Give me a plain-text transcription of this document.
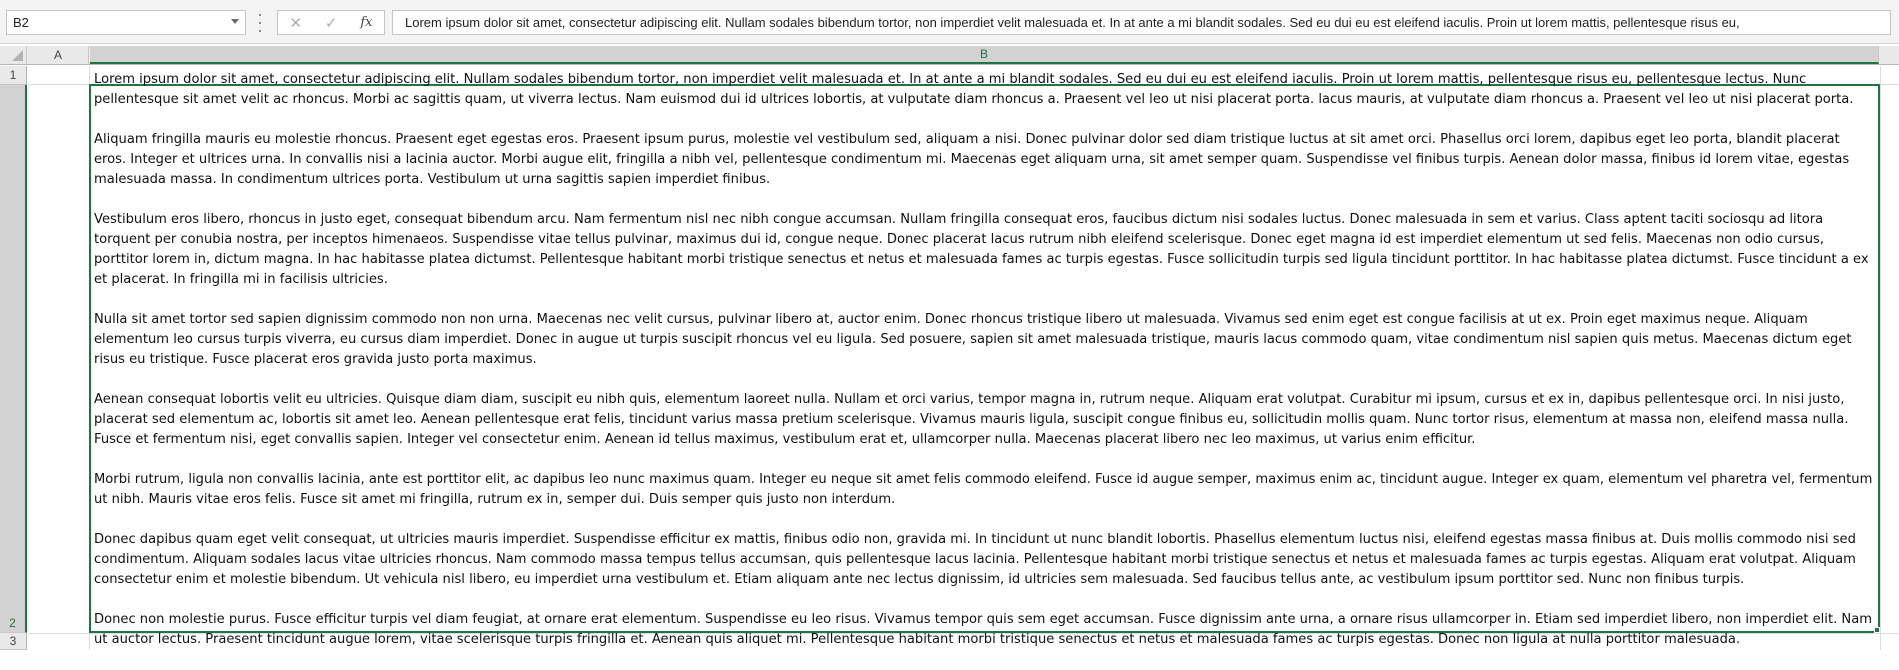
B2	✕ ✓ fx	Lorem ipsum dolor sit amet, consectetur adipiscing elit. Nullam sodales bibendum tortor, non imperdiet velit malesuada et. In at ante a mi blandit sodales. Sed eu dui eu est eleifend iaculis. Proin ut lorem mattis, pellentesque risus eu,
A	B
1
2
3

Lorem ipsum dolor sit amet, consectetur adipiscing elit. Nullam sodales bibendum tortor, non imperdiet velit malesuada et. In at ante a mi blandit sodales. Sed eu dui eu est eleifend iaculis. Proin ut lorem mattis, pellentesque risus eu, pellentesque lectus. Nunc pellentesque sit amet velit ac rhoncus. Morbi ac sagittis quam, ut viverra lectus. Nam euismod dui id ultrices lobortis, at vulputate diam rhoncus a. Praesent vel leo ut nisi placerat porta. lacus mauris, at vulputate diam rhoncus a. Praesent vel leo ut nisi placerat porta.

Aliquam fringilla mauris eu molestie rhoncus. Praesent eget egestas eros. Praesent ipsum purus, molestie vel vestibulum sed, aliquam a nisi. Donec pulvinar dolor sed diam tristique luctus at sit amet orci. Phasellus orci lorem, dapibus eget leo porta, blandit placerat eros. Integer et ultrices urna. In convallis nisi a lacinia auctor. Morbi augue elit, fringilla a nibh vel, pellentesque condimentum mi. Maecenas eget aliquam urna, sit amet semper quam. Suspendisse vel finibus turpis. Aenean dolor massa, finibus id lorem vitae, egestas malesuada massa. In condimentum ultrices porta. Vestibulum ut urna sagittis sapien imperdiet finibus.

Vestibulum eros libero, rhoncus in justo eget, consequat bibendum arcu. Nam fermentum nisl nec nibh congue accumsan. Nullam fringilla consequat eros, faucibus dictum nisi sodales luctus. Donec malesuada in sem et varius. Class aptent taciti sociosqu ad litora torquent per conubia nostra, per inceptos himenaeos. Suspendisse vitae tellus pulvinar, maximus dui id, congue neque. Donec placerat lacus rutrum nibh eleifend scelerisque. Donec eget magna id est imperdiet elementum ut sed felis. Maecenas non odio cursus, porttitor lorem in, dictum magna. In hac habitasse platea dictumst. Pellentesque habitant morbi tristique senectus et netus et malesuada fames ac turpis egestas. Fusce sollicitudin turpis sed ligula tincidunt porttitor. In hac habitasse platea dictumst. Fusce tincidunt a ex et placerat. In fringilla mi in facilisis ultricies.

Nulla sit amet tortor sed sapien dignissim commodo non non urna. Maecenas nec velit cursus, pulvinar libero at, auctor enim. Donec rhoncus tristique libero ut malesuada. Vivamus sed enim eget est congue facilisis at ut ex. Proin eget maximus neque. Aliquam elementum leo cursus turpis viverra, eu cursus diam imperdiet. Donec in augue ut turpis suscipit rhoncus vel eu ligula. Sed posuere, sapien sit amet malesuada tristique, mauris lacus commodo quam, vitae condimentum nisl sapien quis metus. Maecenas dictum eget risus eu tristique. Fusce placerat eros gravida justo porta maximus.

Aenean consequat lobortis velit eu ultricies. Quisque diam diam, suscipit eu nibh quis, elementum laoreet nulla. Nullam et orci varius, tempor magna in, rutrum neque. Aliquam erat volutpat. Curabitur mi ipsum, cursus et ex in, dapibus pellentesque orci. In nisi justo, placerat sed elementum ac, lobortis sit amet leo. Aenean pellentesque erat felis, tincidunt varius massa pretium scelerisque. Vivamus mauris ligula, suscipit congue finibus eu, sollicitudin mollis quam. Nunc tortor risus, elementum at massa non, eleifend massa nulla. Fusce et fermentum nisi, eget convallis sapien. Integer vel consectetur enim. Aenean id tellus maximus, vestibulum erat et, ullamcorper nulla. Maecenas placerat libero nec leo maximus, ut varius enim efficitur.

Morbi rutrum, ligula non convallis lacinia, ante est porttitor elit, ac dapibus leo nunc maximus quam. Integer eu neque sit amet felis commodo eleifend. Fusce id augue semper, maximus enim ac, tincidunt augue. Integer ex quam, elementum vel pharetra vel, fermentum ut nibh. Mauris vitae eros felis. Fusce sit amet mi fringilla, rutrum ex in, semper dui. Duis semper quis justo non interdum.

Donec dapibus quam eget velit consequat, ut ultricies mauris imperdiet. Suspendisse efficitur ex mattis, finibus odio non, gravida mi. In tincidunt ut nunc blandit lobortis. Phasellus elementum luctus nisi, eleifend egestas massa finibus at. Duis mollis commodo nisi sed condimentum. Aliquam sodales lacus vitae ultricies rhoncus. Nam commodo massa tempus tellus accumsan, quis pellentesque lacus lacinia. Pellentesque habitant morbi tristique senectus et netus et malesuada fames ac turpis egestas. Aliquam erat volutpat. Aliquam consectetur enim et molestie bibendum. Ut vehicula nisl libero, eu imperdiet urna vestibulum et. Etiam aliquam ante nec lectus dignissim, id ultricies sem malesuada. Sed faucibus tellus ante, ac vestibulum ipsum porttitor sed. Nunc non finibus turpis.

Donec non molestie purus. Fusce efficitur turpis vel diam feugiat, at ornare erat elementum. Suspendisse eu leo risus. Vivamus tempor quis sem eget accumsan. Fusce dignissim ante urna, a ornare risus ullamcorper in. Etiam sed imperdiet libero, non imperdiet elit. Nam ut auctor lectus. Praesent tincidunt augue lorem, vitae scelerisque turpis fringilla et. Aenean quis aliquet mi. Pellentesque habitant morbi tristique senectus et netus et malesuada fames ac turpis egestas. Donec non ligula at nulla porttitor malesuada.
